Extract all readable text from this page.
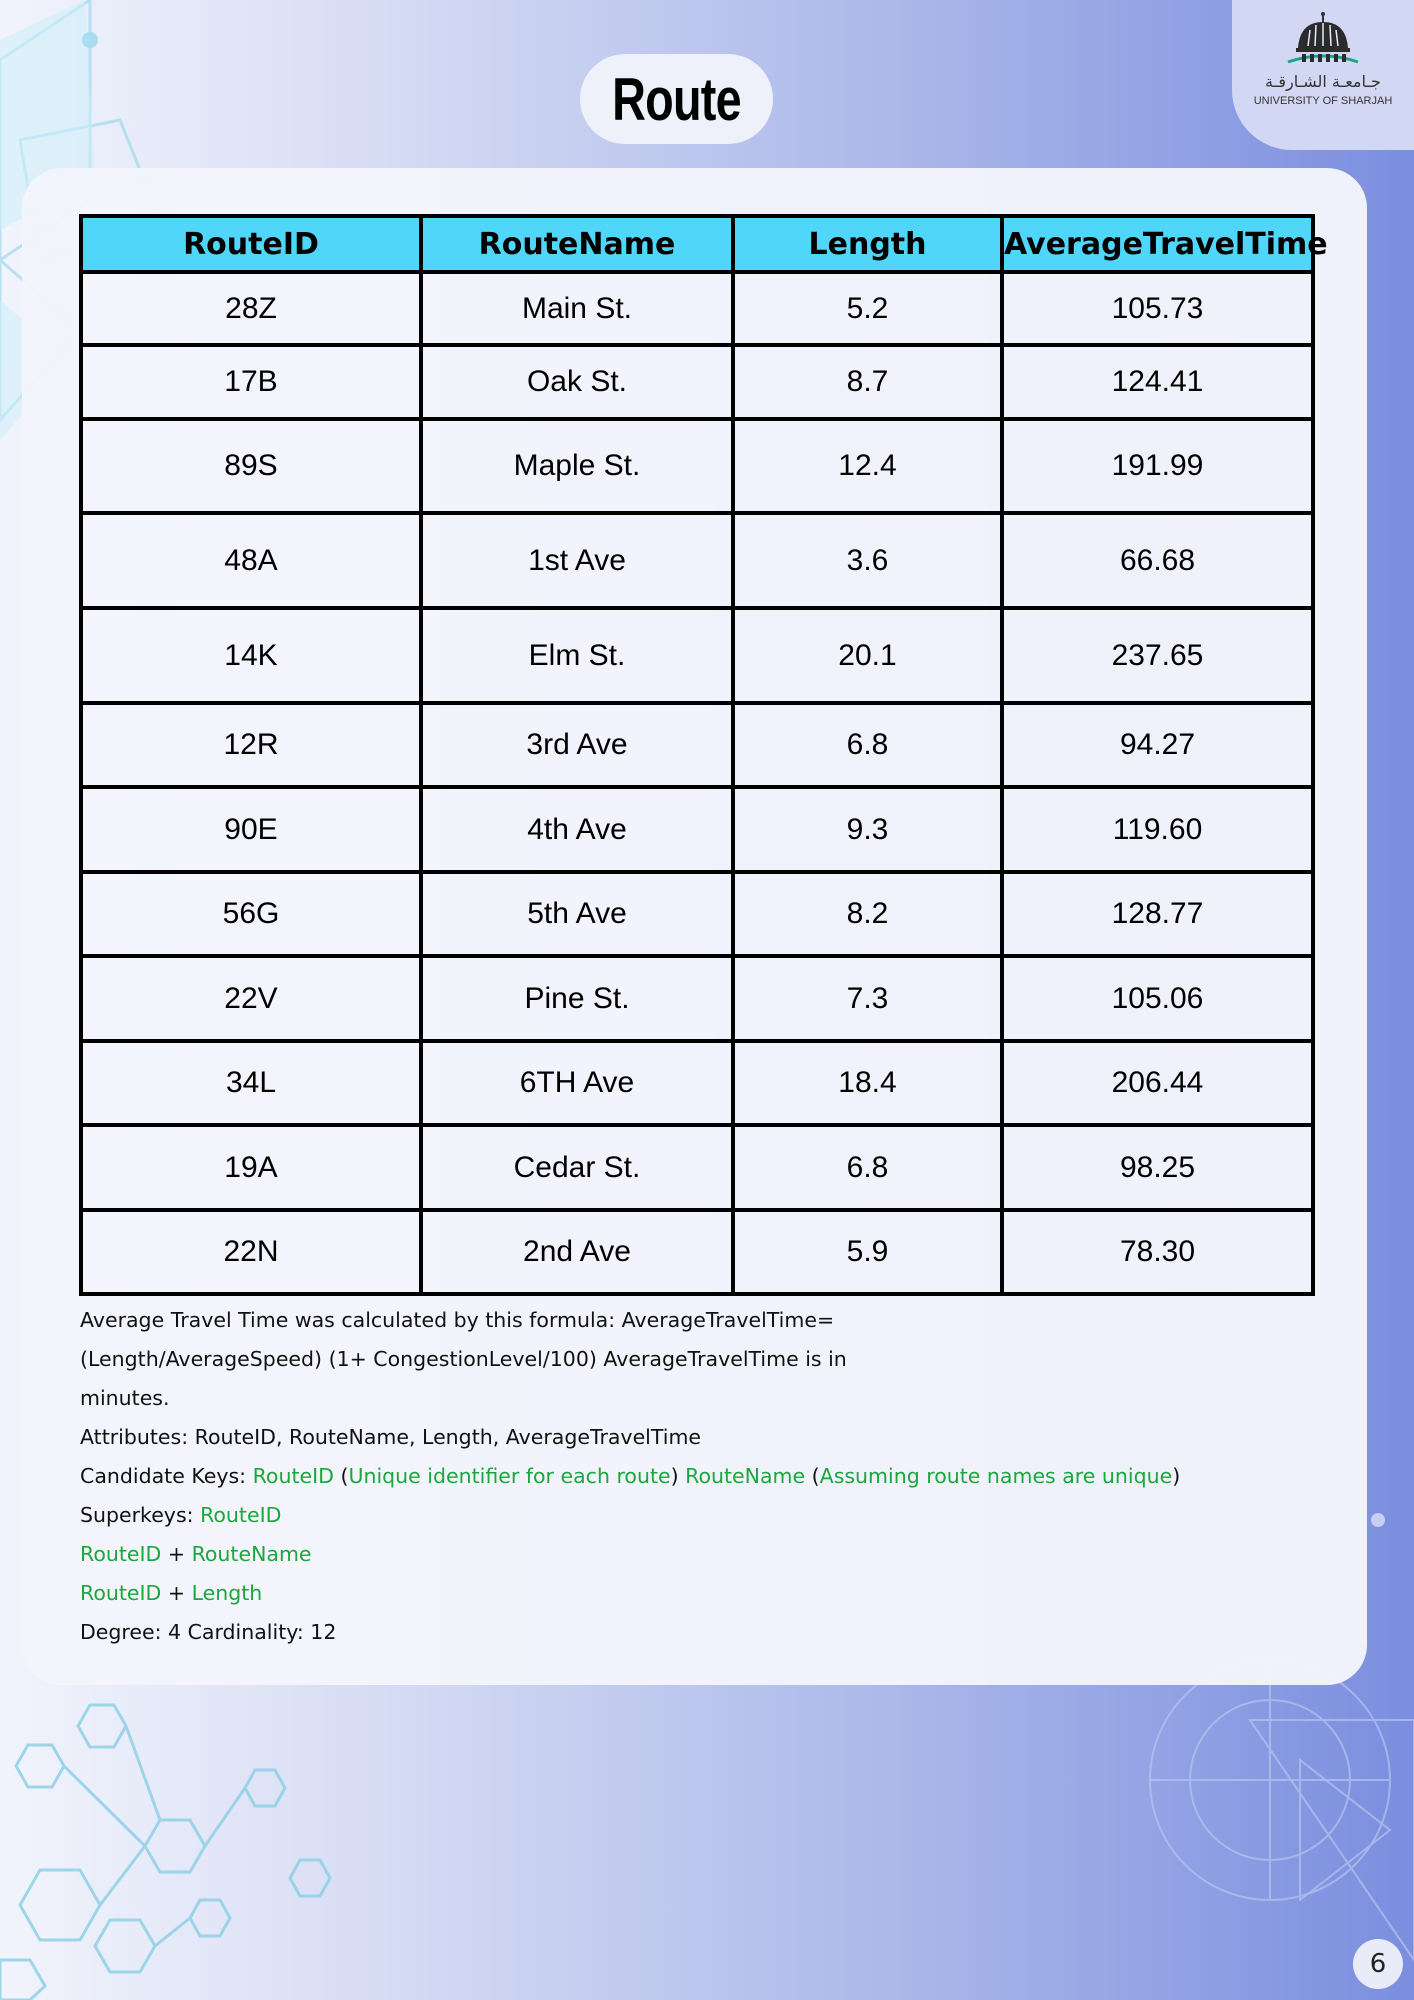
جـامعـة الشـارقـة
UNIVERSITY OF SHARJAH
Route
RouteID	RouteName	Length	AverageTravelTime
28Z	Main St.	5.2	105.73
17B	Oak St.	8.7	124.41
89S	Maple St.	12.4	191.99
48A	1st Ave	3.6	66.68
14K	Elm St.	20.1	237.65
12R	3rd Ave	6.8	94.27
90E	4th Ave	9.3	119.60
56G	5th Ave	8.2	128.77
22V	Pine St.	7.3	105.06
34L	6TH Ave	18.4	206.44
19A	Cedar St.	6.8	98.25
22N	2nd Ave	5.9	78.30

Average Travel Time was calculated by this formula: AverageTravelTime=

(Length/AverageSpeed) (1+ CongestionLevel/100) AverageTravelTime is in

minutes.

Attributes: RouteID, RouteName, Length, AverageTravelTime

Candidate Keys: RouteID (Unique identifier for each route) RouteName (Assuming route names are unique)

Superkeys: RouteID

RouteID + RouteName

RouteID + Length

Degree: 4 Cardinality: 12

6
